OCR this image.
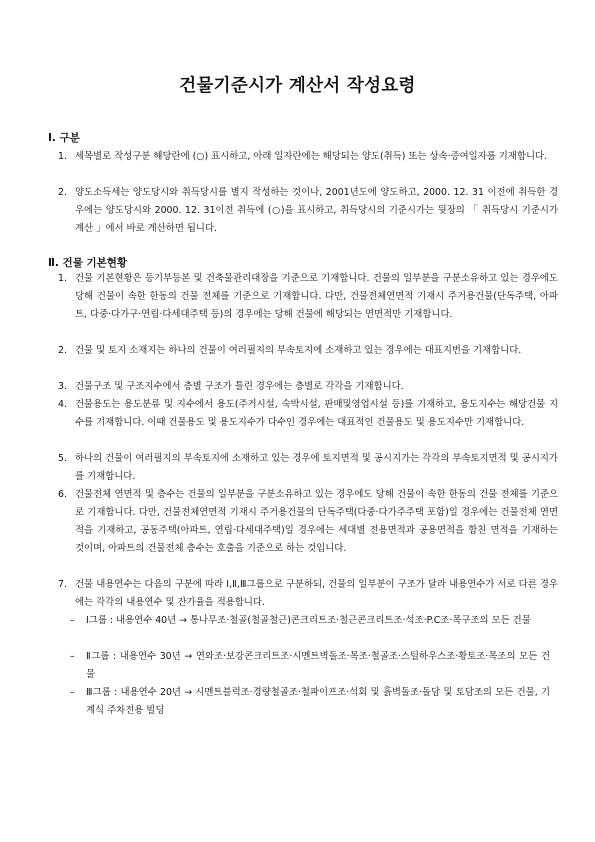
건물기준시가 계산서 작성요령
Ⅰ. 구분
1. 세목별로 작성구분 해당란에 (○) 표시하고, 아래 일자란에는 해당되는 양도(취득) 또는 상속·증여일자를 기재합니다.
2. 양도소득세는 양도당시와 취득당시를 별지 작성하는 것이나, 2001년도에 양도하고, 2000. 12. 31 이전에 취득한 경우에는 양도당시와 2000. 12. 31이전 취득에 (○)을 표시하고, 취득당시의 기준시가는 뒷장의 「 취득당시 기준시가 계산 」에서 바로 계산하면 됩니다.
Ⅱ. 건물 기본현황
1. 건물 기본현황은 등기부등본 및 건축물관리대장을 기준으로 기재합니다. 건물의 일부분을 구분소유하고 있는 경우에도 당해 건물이 속한 한동의 건물 전체를 기준으로 기재합니다. 다만, 건물전체연면적 기재시 주거용건물(단독주택, 아파트, 다중·다가구·연립·다세대주택 등)의 경우에는 당해 건물에 해당되는 연면적만 기재합니다.
2. 건물 및 토지 소재지는 하나의 건물이 여러필지의 부속토지에 소재하고 있는 경우에는 대표지번을 기재합니다.
3. 건물구조 및 구조지수에서 층별 구조가 틀린 경우에는 층별로 각각을 기재합니다.
4. 건물용도는 용도분류 및 지수에서 용도(주거시설, 숙박시설, 판매및영업시설 등)를 기재하고, 용도지수는 해당건물 지수를 기재합니다. 이때 건물용도 및 용도지수가 다수인 경우에는 대표적인 건물용도 및 용도지수만 기재합니다.
5. 하나의 건물이 여러필지의 부속토지에 소재하고 있는 경우에 토지면적 및 공시지가는 각각의 부속토지면적 및 공시지가를 기재합니다.
6. 건물전체 연면적 및 층수는 건물의 일부분을 구분소유하고 있는 경우에도 당해 건물이 속한 한동의 건물 전체를 기준으로 기재합니다. 다만, 건물전체연면적 기재시 주거용건물의 단독주택(다중·다가주주택 포함)일 경우에는 건물전체 연면적을 기재하고, 공동주택(아파트, 연립·다세대주택)일 경우에는 세대별 전용면적과 공용면적을 합친 면적을 기재하는 것이며, 아파트의 건물전체 층수는 호출을 기준으로 하는 것입니다.
7. 건물 내용연수는 다음의 구분에 따라 Ⅰ,Ⅱ,Ⅲ그룹으로 구분하되, 건물의 일부분이 구조가 달라 내용연수가 서로 다른 경우에는 각각의 내용연수 및 잔가율을 적용합니다.
–	Ⅰ그룹 : 내용연수 40년 → 통나무조·철골(철골철근)콘크리트조·철근콘크리트조·석조·P.C조·목구조의 모든 건물
–	Ⅱ그룹 : 내용연수 30년 → 연와조·보강콘크리트조·시멘트벽돌조·목조·철골조·스틸하우스조·황토조·목조의 모든 건물
–	Ⅲ그룹 : 내용연수 20년 → 시멘트블럭조·경량철골조·철파이프조·석회 및 흙벽돌조·돌담 및 토담조의 모든 건물, 기계식 주차전용 빌딩
